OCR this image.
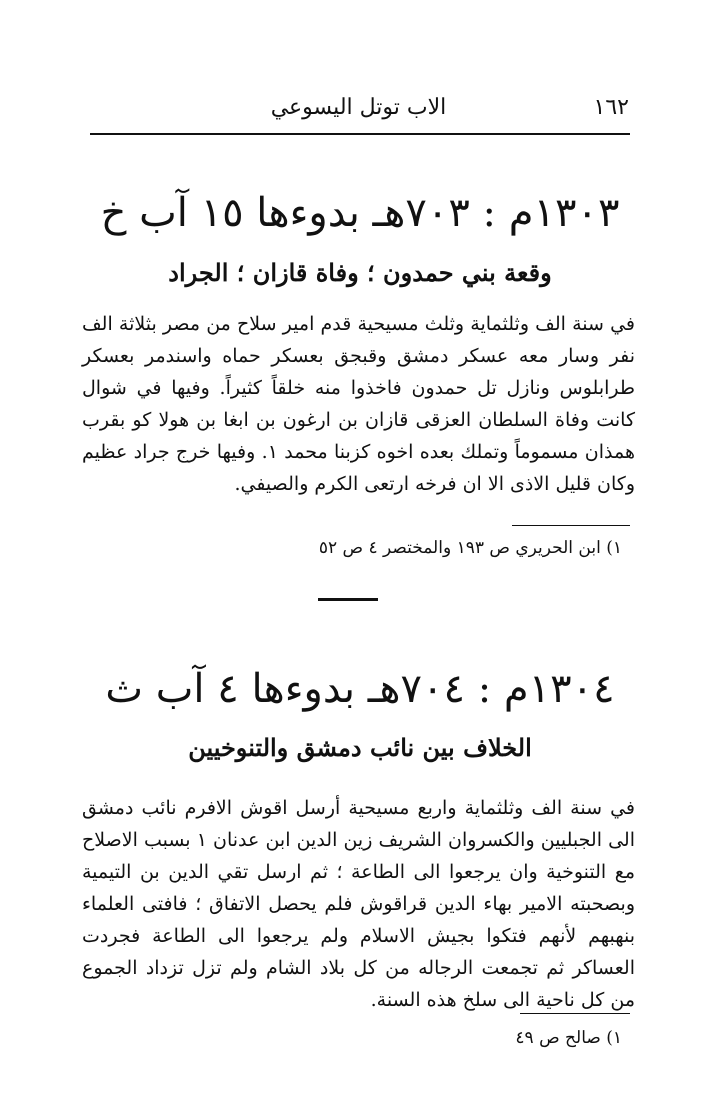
الاب توتل اليسوعي	١٦٢
١٣٠٣م : ٧٠٣هـ بدوءها ١٥ آب خ
وقعة بني حمدون ؛ وفاة قازان ؛ الجراد
في سنة الف وثلثماية وثلث مسيحية قدم امير سلاح من مصر بثلاثة الف نفر وسار معه عسكر دمشق وقبجق بعسكر حماه واسندمر بعسكر طرابلوس ونازل تل حمدون فاخذوا منه خلقاً كثيراً. وفيها في شوال كانت وفاة السلطان العزقى قازان بن ارغون بن ابغا بن هولا كو بقرب همذان مسموماً وتملك بعده اخوه كزبنا محمد ١. وفيها خرج جراد عظيم وكان قليل الاذى الا ان فرخه ارتعى الكرم والصيفي.
١) ابن الحريري ص ١٩٣ والمختصر ٤ ص ٥٢
١٣٠٤م : ٧٠٤هـ بدوءها ٤ آب ث
الخلاف بين نائب دمشق والتنوخيين
في سنة الف وثلثماية واربع مسيحية أرسل اقوش الافرم نائب دمشق الى الجبليين والكسروان الشريف زين الدين ابن عدنان ١ بسبب الاصلاح مع التنوخية وان يرجعوا الى الطاعة ؛ ثم ارسل تقي الدين بن التيمية وبصحبته الامير بهاء الدين قراقوش فلم يحصل الاتفاق ؛ فافتى العلماء بنهبهم لأنهم فتكوا بجيش الاسلام ولم يرجعوا الى الطاعة فجردت العساكر ثم تجمعت الرجاله من كل بلاد الشام ولم تزل تزداد الجموع من كل ناحية الى سلخ هذه السنة.
١) صالح ص ٤٩
